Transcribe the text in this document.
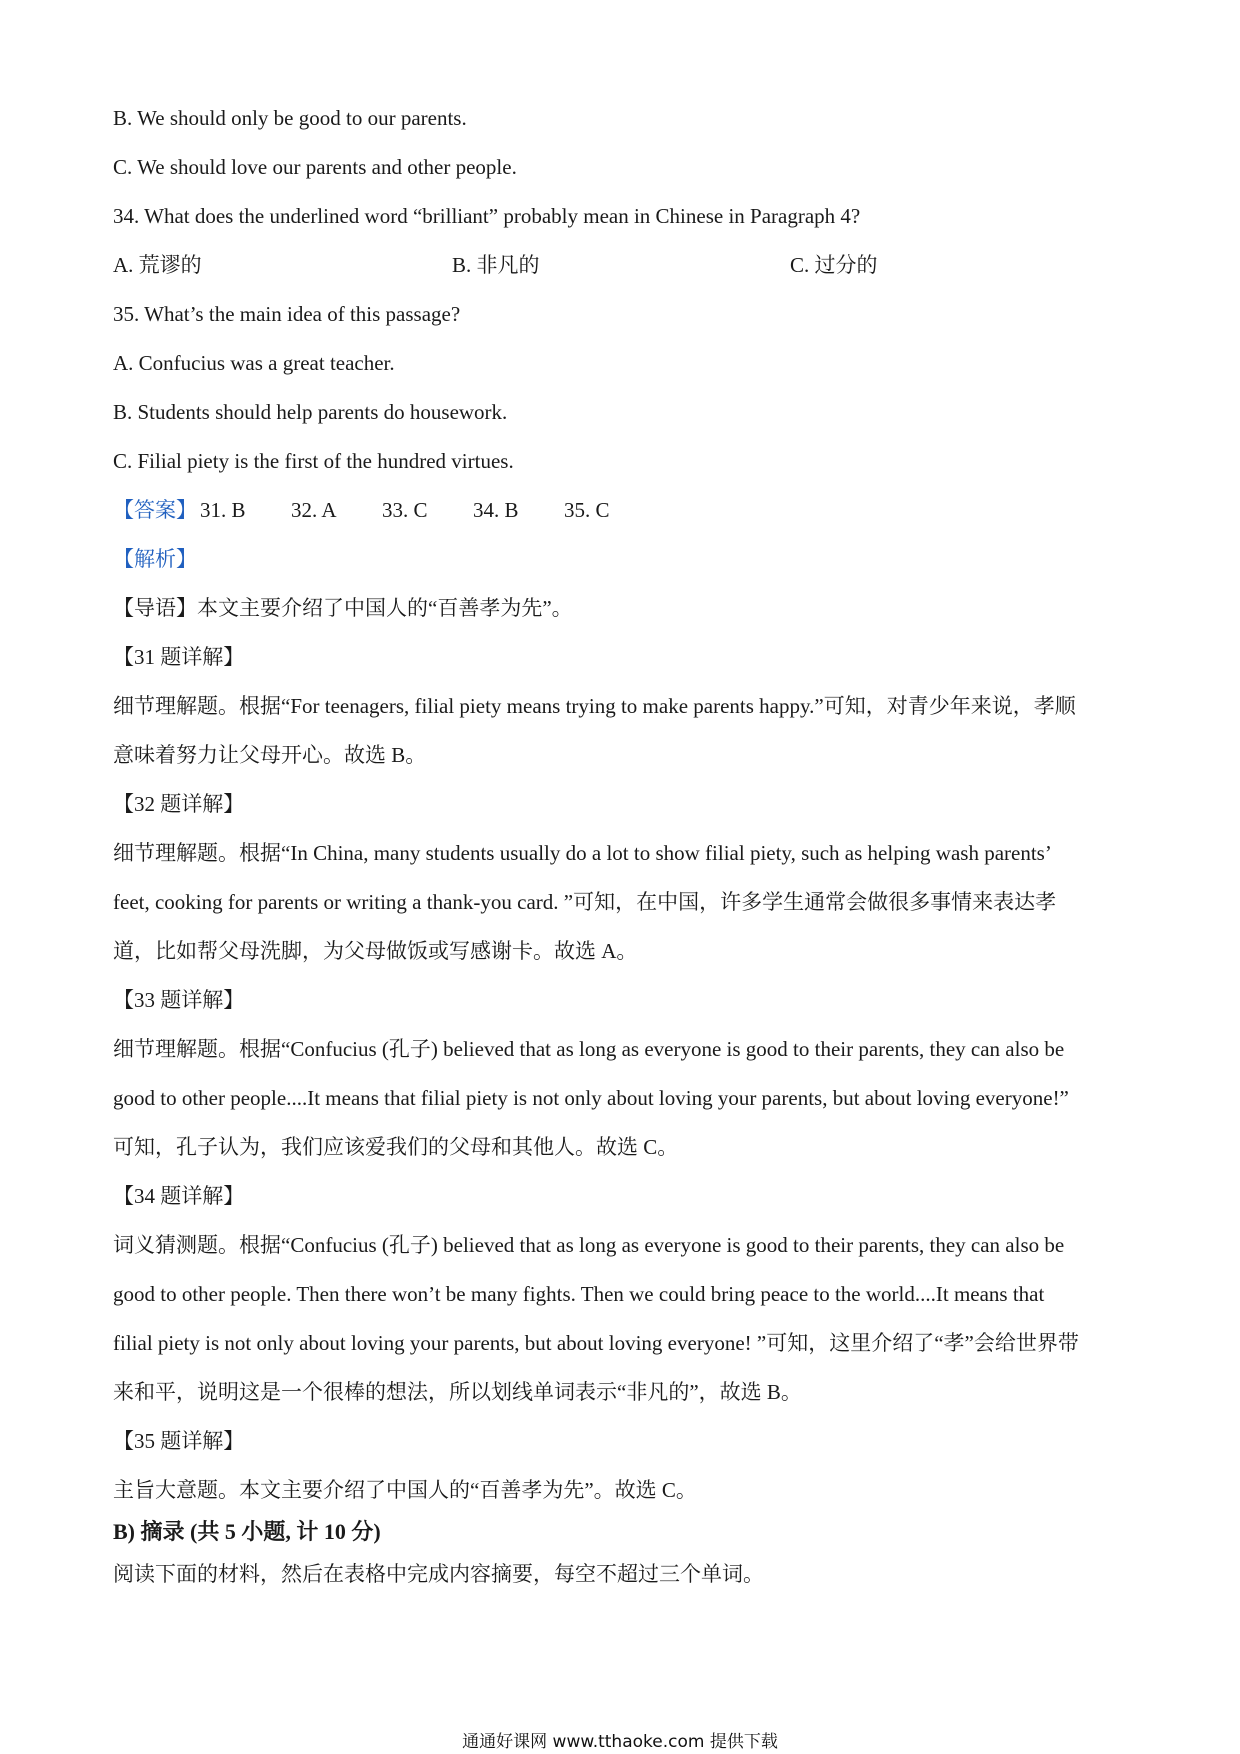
B. We should only be good to our parents.
C. We should love our parents and other people.
34. What does the underlined word “brilliant” probably mean in Chinese in Paragraph 4?
A. 荒谬的	B. 非凡的	C. 过分的
35. What’s the main idea of this passage?
A. Confucius was a great teacher.
B. Students should help parents do housework.
C. Filial piety is the first of the hundred virtues.
【答案】 31. B 32. A 33. C 34. B 35. C
【解析】
【导语】本文主要介绍了中国人的“百善孝为先”。
【31 题详解】
细节理解题。根据“For teenagers, filial piety means trying to make parents happy.”可知，对青少年来说，孝顺
意味着努力让父母开心。故选 B。
【32 题详解】
细节理解题。根据“In China, many students usually do a lot to show filial piety, such as helping wash parents’
feet, cooking for parents or writing a thank-you card. ”可知，在中国，许多学生通常会做很多事情来表达孝
道，比如帮父母洗脚，为父母做饭或写感谢卡。故选 A。
【33 题详解】
细节理解题。根据“Confucius (孔子) believed that as long as everyone is good to their parents, they can also be
good to other people....It means that filial piety is not only about loving your parents, but about loving everyone!”
可知，孔子认为，我们应该爱我们的父母和其他人。故选 C。
【34 题详解】
词义猜测题。根据“Confucius (孔子) believed that as long as everyone is good to their parents, they can also be
good to other people. Then there won’t be many fights. Then we could bring peace to the world....It means that
filial piety is not only about loving your parents, but about loving everyone! ”可知，这里介绍了“孝”会给世界带
来和平，说明这是一个很棒的想法，所以划线单词表示“非凡的”，故选 B。
【35 题详解】
主旨大意题。本文主要介绍了中国人的“百善孝为先”。故选 C。
B) 摘录 (共 5 小题, 计 10 分)
阅读下面的材料，然后在表格中完成内容摘要，每空不超过三个单词。
通通好课网 www.tthaoke.com 提供下载
